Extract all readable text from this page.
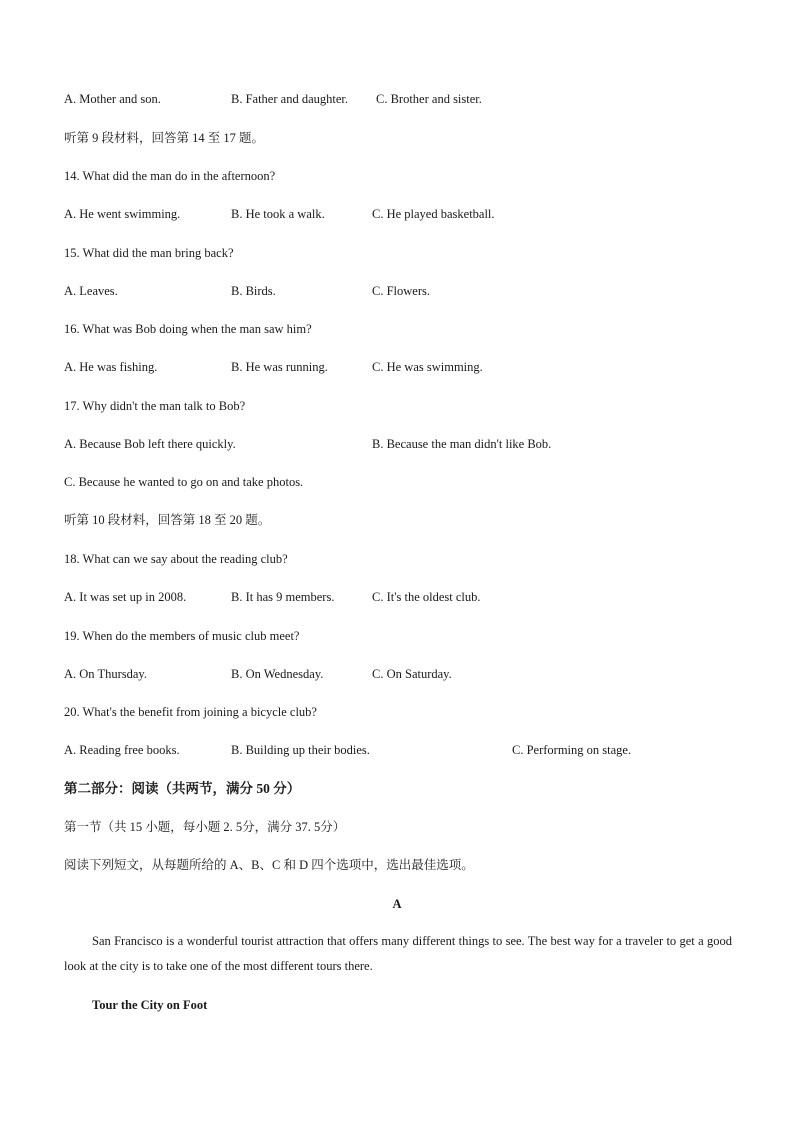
A. Mother and son.	B. Father and daughter. C. Brother and sister.
听第 9 段材料，回答第 14 至 17 题。
14. What did the man do in the afternoon?
A. He went swimming.	B. He took a walk.	C. He played basketball.
15. What did the man bring back?
A. Leaves.	B. Birds.	C. Flowers.
16. What was Bob doing when the man saw him?
A. He was fishing.	B. He was running.	C. He was swimming.
17. Why didn't the man talk to Bob?
A. Because Bob left there quickly.	B. Because the man didn't like Bob.
C. Because he wanted to go on and take photos.
听第 10 段材料，回答第 18 至 20 题。
18. What can we say about the reading club?
A. It was set up in 2008.	B. It has 9 members.	C. It's the oldest club.
19. When do the members of music club meet?
A. On Thursday.	B. On Wednesday.	C. On Saturday.
20. What's the benefit from joining a bicycle club?
A. Reading free books.	B. Building up their bodies.	C. Performing on stage.
第二部分：阅读（共两节，满分 50 分）
第一节（共 15 小题，每小题 2. 5分，满分 37. 5分）
阅读下列短文，从每题所给的 A、B、C 和 D 四个选项中，选出最佳选项。
A
San Francisco is a wonderful tourist attraction that offers many different things to see. The best way for a traveler to get a good look at the city is to take one of the most different tours there.
Tour the City on Foot
